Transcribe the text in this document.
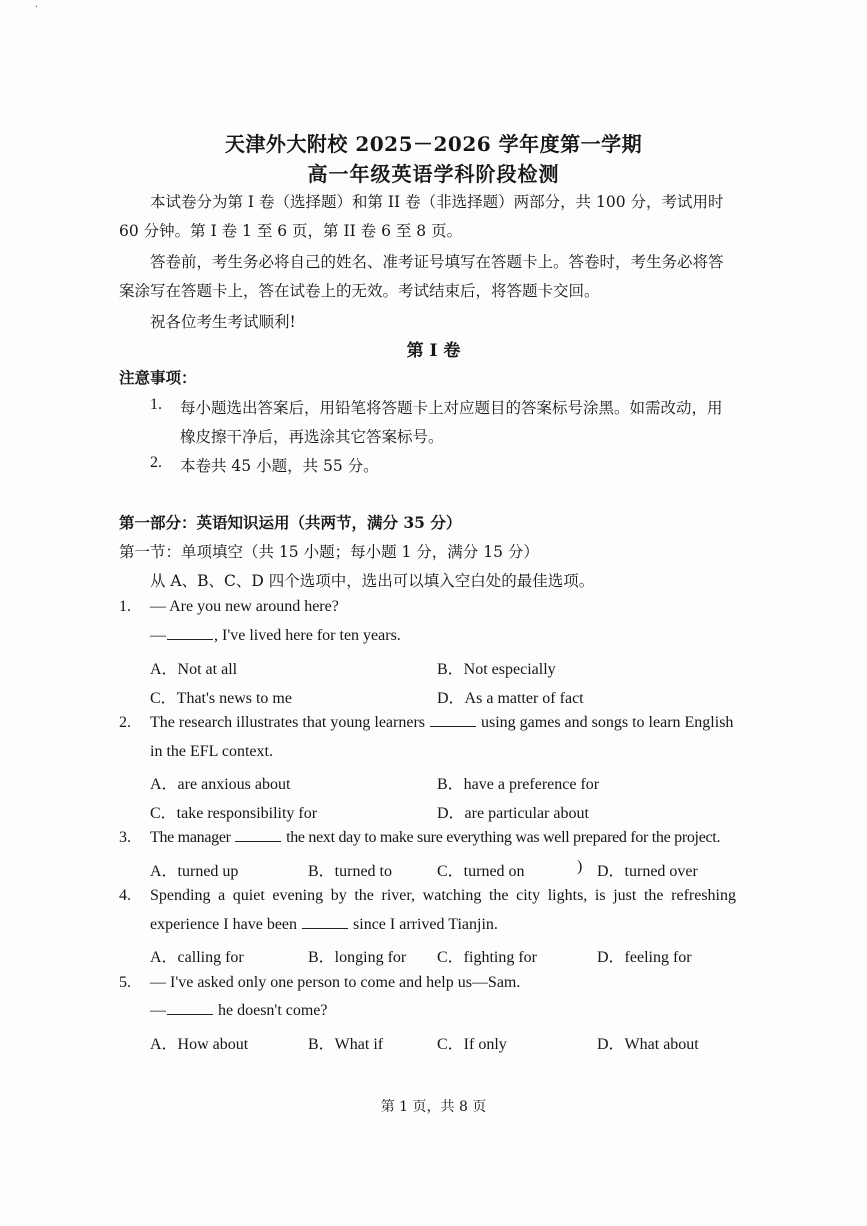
·
天津外大附校 2025－2026 学年度第一学期
高一年级英语学科阶段检测
本试卷分为第 I 卷（选择题）和第 II 卷（非选择题）两部分，共 100 分，考试用时
60 分钟。第 I 卷 1 至 6 页，第 II 卷 6 至 8 页。
答卷前，考生务必将自己的姓名、准考证号填写在答题卡上。答卷时，考生务必将答
案涂写在答题卡上，答在试卷上的无效。考试结束后，将答题卡交回。
祝各位考生考试顺利!
第 I 卷
注意事项：
1. 每小题选出答案后，用铅笔将答题卡上对应题目的答案标号涂黑。如需改动，用
橡皮擦干净后，再选涂其它答案标号。
2. 本卷共 45 小题，共 55 分。
第一部分：英语知识运用（共两节，满分 35 分）
第一节：单项填空（共 15 小题；每小题 1 分，满分 15 分）
从 A、B、C、D 四个选项中，选出可以填入空白处的最佳选项。
1. — Are you new around here?
—	, I've lived here for ten years.
A．Not at all	B．Not especially
C．That's news to me	D．As a matter of fact
2. The research illustrates that young learners	using games and songs to learn English
in the EFL context.
A．are anxious about	B．have a preference for
C．take responsibility for	D．are particular about
3. The manager	the next day to make sure everything was well prepared for the project.
A．turned up	B．turned to	C．turned on	) D．turned over
4. Spending a quiet evening by the river, watching the city lights, is just the refreshing
experience I have been	since I arrived Tianjin.
A．calling for	B．longing for C．fighting for	D．feeling for
5. — I've asked only one person to come and help us—Sam.
—	he doesn't come?
A．How about	B．What if	C．If only	D．What about
第 1 页，共 8 页
